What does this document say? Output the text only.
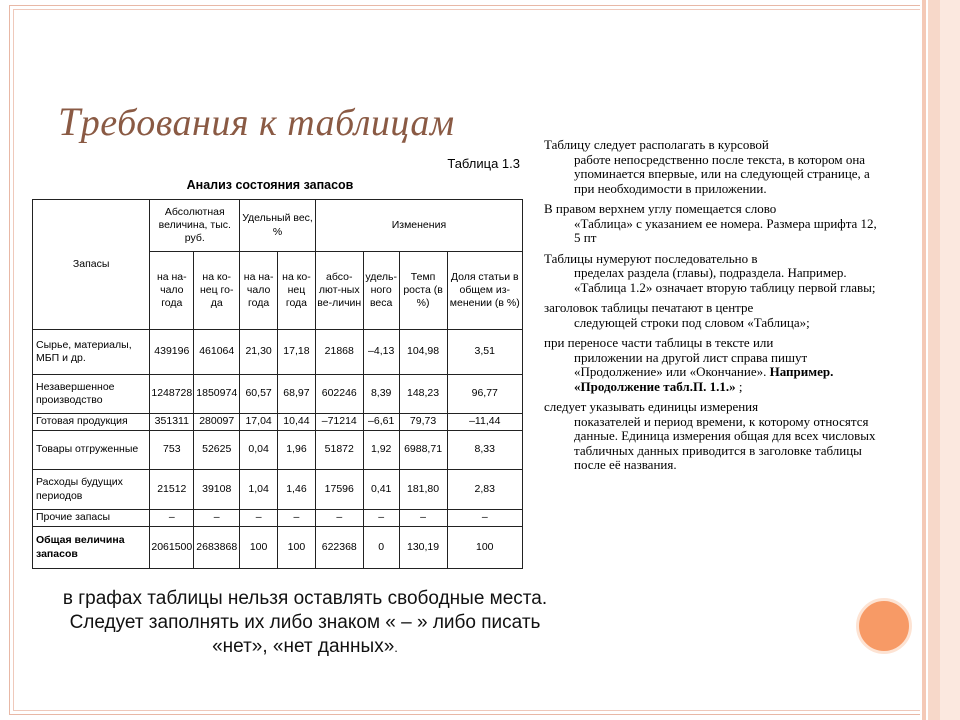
Требования к таблицам
Таблица 1.3
Анализ состояния запасов
Запасы	Абсолютная величина, тыс. руб.		Удельный вес, %		Изменения			
	на на-чало года	на ко-нец го-да	на на-чало года	на ко-нец года	абсо-лют-ных ве-личин	удель-ного веса	Темп роста (в %)	Доля статьи в общем из-менении (в %)
Сырье, материалы, МБП и др.	439196	461064	21,30	17,18	21868	–4,13	104,98	3,51
Незавершенное производство	1248728	1850974	60,57	68,97	602246	8,39	148,23	96,77
Готовая продукция	351311	280097	17,04	10,44	–71214	–6,61	79,73	–11,44
Товары отгруженные	753	52625	0,04	1,96	51872	1,92	6988,71	8,33
Расходы будущих периодов	21512	39108	1,04	1,46	17596	0,41	181,80	2,83
Прочие запасы	–	–	–	–	–	–	–	–
Общая величина запасов	2061500	2683868	100	100	622368	0	130,19	100
Таблицу следует располагать в курсовой
работе непосредственно после текста, в котором она упоминается впервые, или на следующей странице, а при необходимости в приложении.
В правом верхнем углу помещается слово
«Таблица» с указанием ее номера. Размера шрифта 12, 5 пт
Таблицы нумеруют последовательно в
пределах раздела (главы), подраздела. Например. «Таблица 1.2» означает вторую таблицу первой главы;
заголовок таблицы печатают в центре
следующей строки под словом «Таблица»;
при переносе части таблицы в тексте или
приложении на другой лист справа пишут «Продолжение» или «Окончание». Например. «Продолжение табл.П. 1.1.» ;
следует указывать единицы измерения
показателей и период времени, к которому относятся данные. Единица измерения общая для всех числовых табличных данных приводится в заголовке таблицы после её названия.
в графах таблицы нельзя оставлять свободные места. Следует заполнять их либо знаком « – » либо писать «нет», «нет данных».
